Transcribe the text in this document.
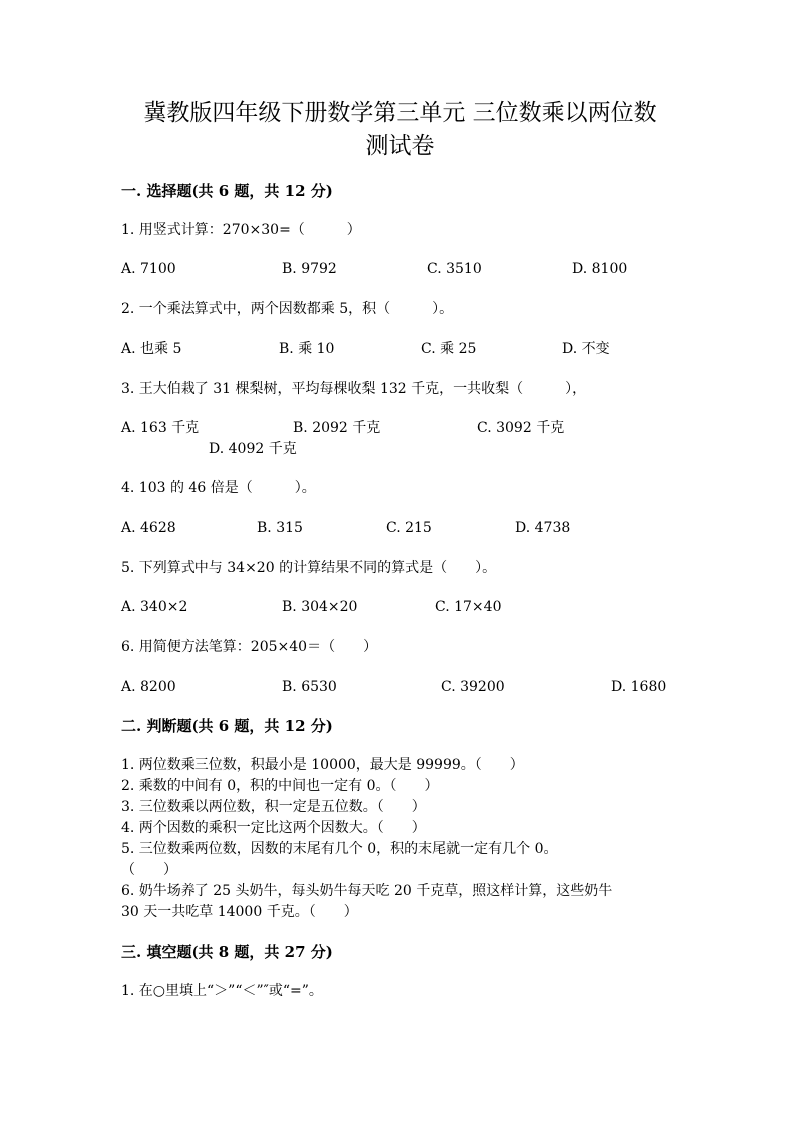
冀教版四年级下册数学第三单元 三位数乘以两位数
测试卷
一. 选择题(共 6 题，共 12 分)

1. 用竖式计算：270×30=（　　　）

A. 7100	B. 9792	C. 3510	D. 8100

2. 一个乘法算式中，两个因数都乘 5，积（　　　）。

A. 也乘 5	B. 乘 10	C. 乘 25	D. 不变

3. 王大伯栽了 31 棵梨树，平均每棵收梨 132 千克，一共收梨（　　　），

A. 163 千克	B. 2092 千克	C. 3092 千克
D. 4092 千克

4. 103 的 46 倍是（　　　）。

A. 4628	B. 315	C. 215	D. 4738

5. 下列算式中与 34×20 的计算结果不同的算式是（　　）。

A. 340×2	B. 304×20	C. 17×40

6. 用简便方法笔算：205×40＝（　　）

A. 8200	B. 6530	C. 39200	D. 1680
二. 判断题(共 6 题，共 12 分)

1. 两位数乘三位数，积最小是 10000，最大是 99999。（　　）

2. 乘数的中间有 0，积的中间也一定有 0。（　　）

3. 三位数乘以两位数，积一定是五位数。（　　）

4. 两个因数的乘积一定比这两个因数大。（　　）

5. 三位数乘两位数，因数的末尾有几个 0，积的末尾就一定有几个 0。

（　　）

6. 奶牛场养了 25 头奶牛，每头奶牛每天吃 20 千克草，照这样计算，这些奶牛

30 天一共吃草 14000 千克。（　　）

三. 填空题(共 8 题，共 27 分)

1. 在○里填上“＞”“＜”″或“=”。
